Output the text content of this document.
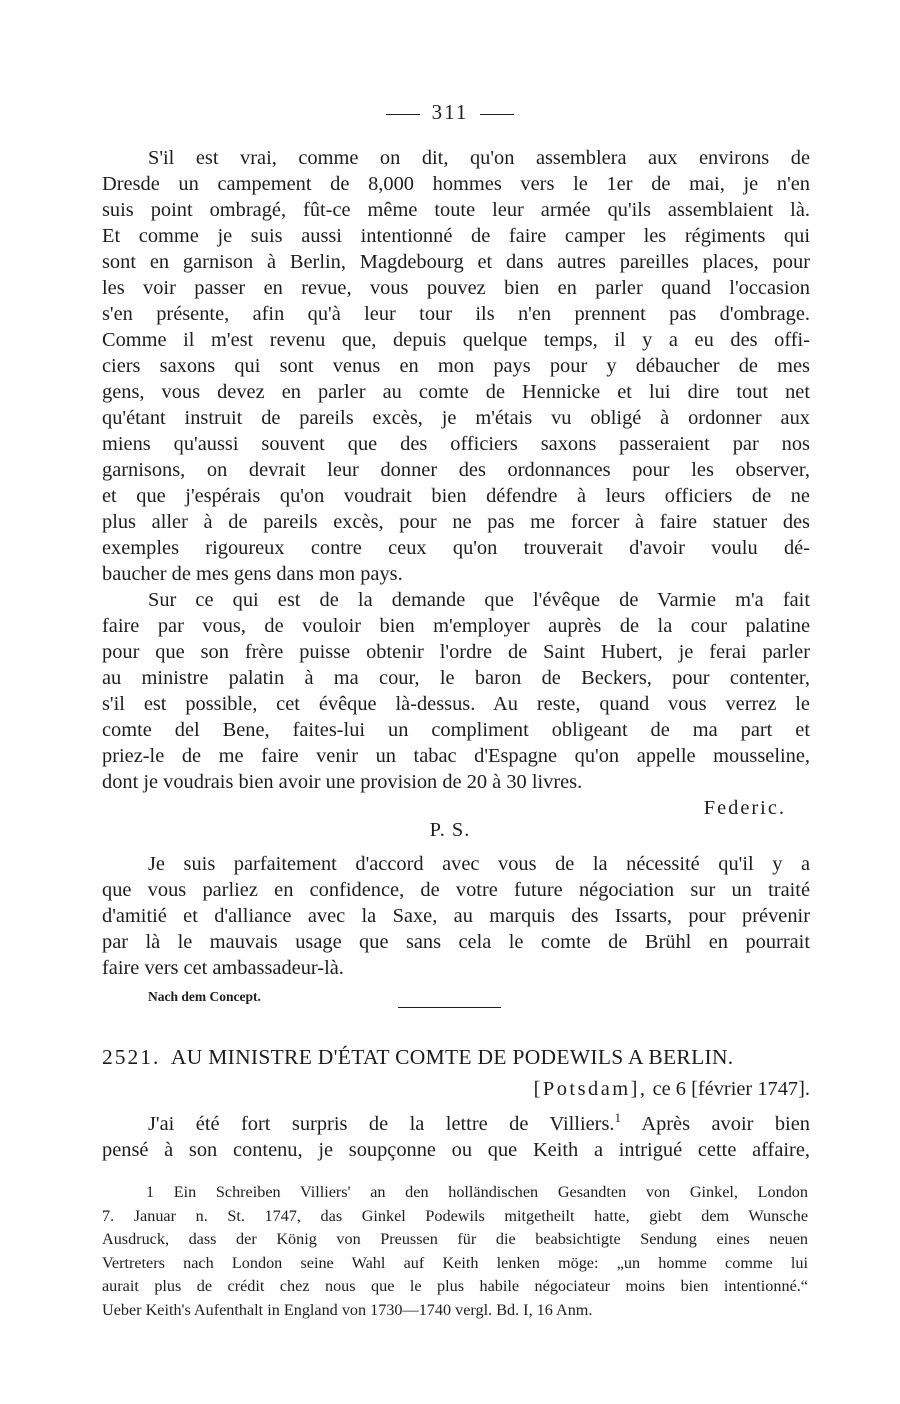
311
S'il est vrai, comme on dit, qu'on assemblera aux environs de
Dresde un campement de 8,000 hommes vers le 1er de mai, je n'en
suis point ombragé, fût-ce même toute leur armée qu'ils assemblaient là.
Et comme je suis aussi intentionné de faire camper les régiments qui
sont en garnison à Berlin, Magdebourg et dans autres pareilles places, pour
les voir passer en revue, vous pouvez bien en parler quand l'occasion
s'en présente, afin qu'à leur tour ils n'en prennent pas d'ombrage.
Comme il m'est revenu que, depuis quelque temps, il y a eu des offi-
ciers saxons qui sont venus en mon pays pour y débaucher de mes
gens, vous devez en parler au comte de Hennicke et lui dire tout net
qu'étant instruit de pareils excès, je m'étais vu obligé à ordonner aux
miens qu'aussi souvent que des officiers saxons passeraient par nos
garnisons, on devrait leur donner des ordonnances pour les observer,
et que j'espérais qu'on voudrait bien défendre à leurs officiers de ne
plus aller à de pareils excès, pour ne pas me forcer à faire statuer des
exemples rigoureux contre ceux qu'on trouverait d'avoir voulu dé-
baucher de mes gens dans mon pays.
Sur ce qui est de la demande que l'évêque de Varmie m'a fait
faire par vous, de vouloir bien m'employer auprès de la cour palatine
pour que son frère puisse obtenir l'ordre de Saint Hubert, je ferai parler
au ministre palatin à ma cour, le baron de Beckers, pour contenter,
s'il est possible, cet évêque là-dessus. Au reste, quand vous verrez le
comte del Bene, faites-lui un compliment obligeant de ma part et
priez-le de me faire venir un tabac d'Espagne qu'on appelle mousseline,
dont je voudrais bien avoir une provision de 20 à 30 livres.
Federic.
P. S.
Je suis parfaitement d'accord avec vous de la nécessité qu'il y a
que vous parliez en confidence, de votre future négociation sur un traité
d'amitié et d'alliance avec la Saxe, au marquis des Issarts, pour prévenir
par là le mauvais usage que sans cela le comte de Brühl en pourrait
faire vers cet ambassadeur-là.
Nach dem Concept.
2521. AU MINISTRE D'ÉTAT COMTE DE PODEWILS A BERLIN.
[Potsdam], ce 6 [février 1747].
J'ai été fort surpris de la lettre de Villiers.$^1$ Après avoir bien
pensé à son contenu, je soupçonne ou que Keith a intrigué cette affaire,
1 Ein Schreiben Villiers' an den holländischen Gesandten von Ginkel, London
7. Januar n. St. 1747, das Ginkel Podewils mitgetheilt hatte, giebt dem Wunsche
Ausdruck, dass der König von Preussen für die beabsichtigte Sendung eines neuen
Vertreters nach London seine Wahl auf Keith lenken möge: „un homme comme lui
aurait plus de crédit chez nous que le plus habile négociateur moins bien intentionné.“
Ueber Keith's Aufenthalt in England von 1730—1740 vergl. Bd. I, 16 Anm.
